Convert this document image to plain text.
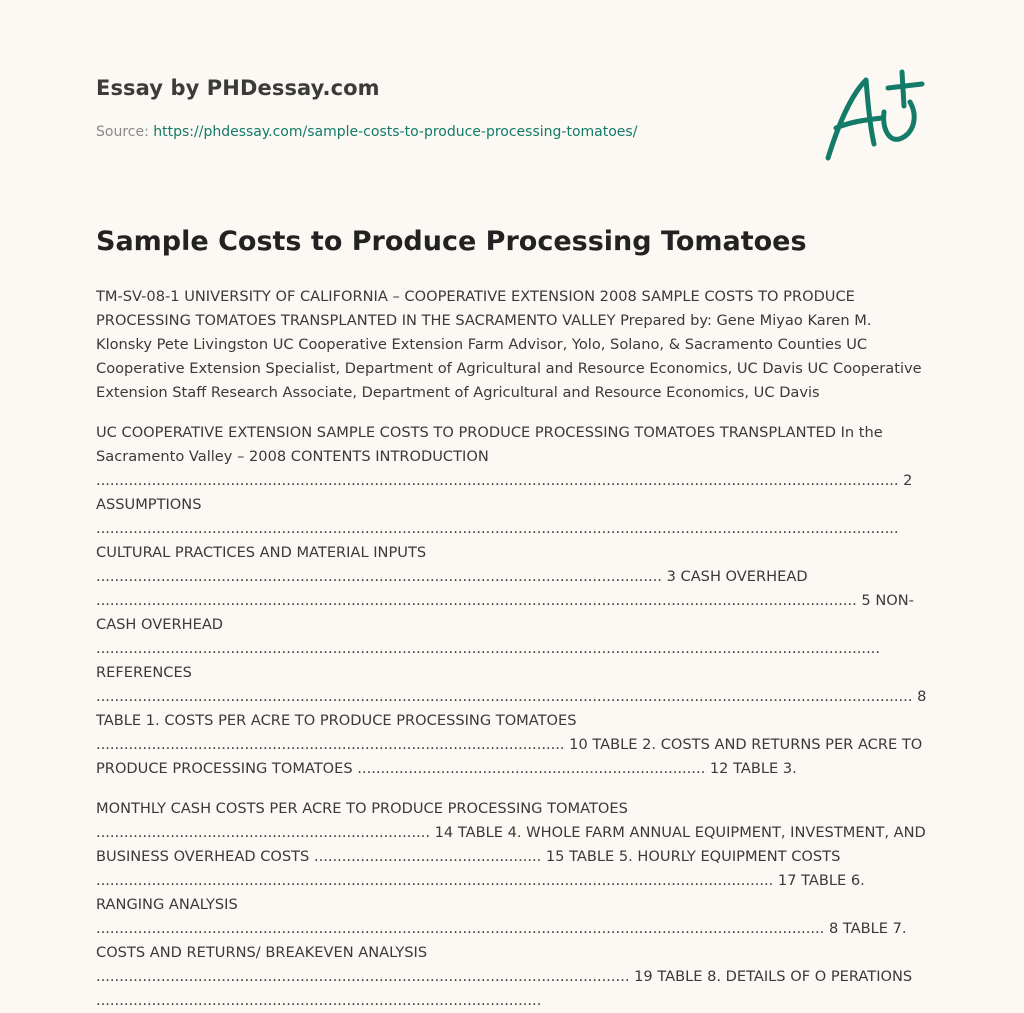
Essay by PHDessay.com
Source: https://phdessay.com/sample-costs-to-produce-processing-tomatoes/
Sample Costs to Produce Processing Tomatoes

TM-SV-08-1 UNIVERSITY OF CALIFORNIA – COOPERATIVE EXTENSION 2008 SAMPLE COSTS TO PRODUCE PROCESSING TOMATOES TRANSPLANTED IN THE SACRAMENTO VALLEY Prepared by: Gene Miyao Karen M. Klonsky Pete Livingston UC Cooperative Extension Farm Advisor, Yolo, Solano, & Sacramento Counties UC Cooperative Extension Specialist, Department of Agricultural and Resource Economics, UC Davis UC Cooperative Extension Staff Research Associate, Department of Agricultural and Resource Economics, UC Davis

UC COOPERATIVE EXTENSION SAMPLE COSTS TO PRODUCE PROCESSING TOMATOES TRANSPLANTED In the Sacramento Valley – 2008 CONTENTS INTRODUCTION ............................................................................................................................................................................. 2 ASSUMPTIONS ............................................................................................................................................................................. CULTURAL PRACTICES AND MATERIAL INPUTS .......................................................................................................................... 3 CASH OVERHEAD .................................................................................................................................................................... 5 NON-CASH OVERHEAD ......................................................................................................................................................................... REFERENCES ................................................................................................................................................................................ 8 TABLE 1. COSTS PER ACRE TO PRODUCE PROCESSING TOMATOES ..................................................................................................... 10 TABLE 2. COSTS AND RETURNS PER ACRE TO PRODUCE PROCESSING TOMATOES ........................................................................... 12 TABLE 3.

MONTHLY CASH COSTS PER ACRE TO PRODUCE PROCESSING TOMATOES ........................................................................ 14 TABLE 4. WHOLE FARM ANNUAL EQUIPMENT, INVESTMENT, AND BUSINESS OVERHEAD COSTS ................................................. 15 TABLE 5. HOURLY EQUIPMENT COSTS .................................................................................................................................................. 17 TABLE 6. RANGING ANALYSIS ............................................................................................................................................................. 8 TABLE 7. COSTS AND RETURNS/ BREAKEVEN ANALYSIS ................................................................................................................... 19 TABLE 8. DETAILS OF O PERATIONS ................................................................................................
